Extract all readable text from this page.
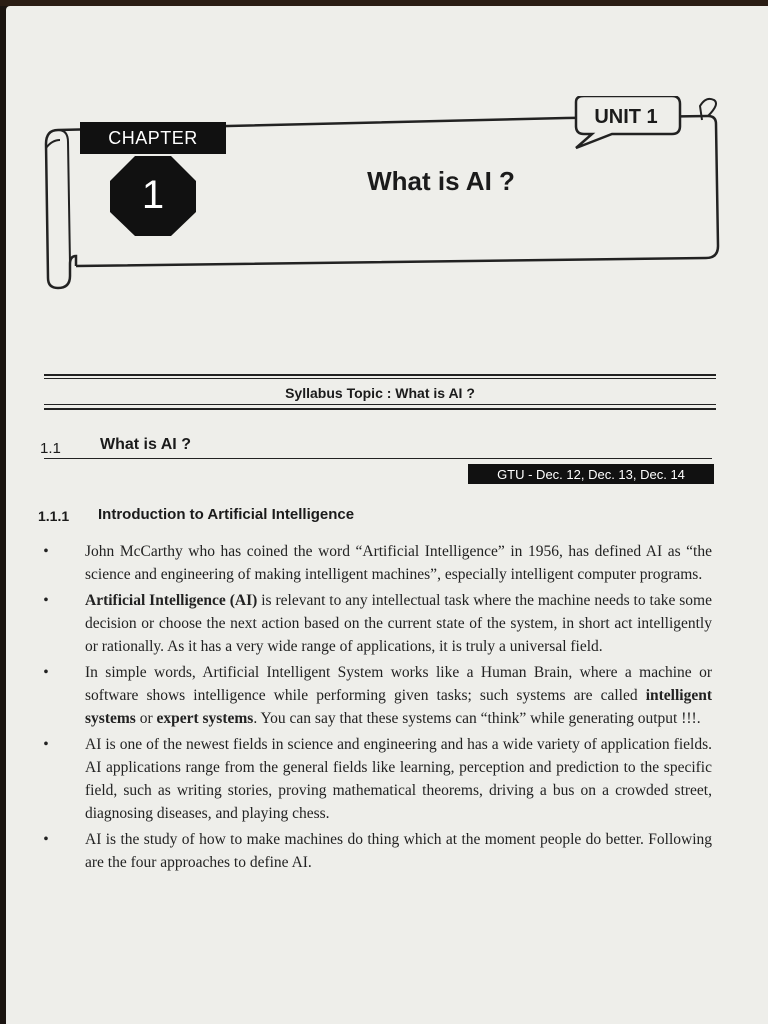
CHAPTER
1	What is AI ?
UNIT 1
Syllabus Topic : What is AI ?
1.1 What is AI ?
GTU - Dec. 12, Dec. 13, Dec. 14
1.1.1 Introduction to Artificial Intelligence
• John McCarthy who has coined the word “Artificial Intelligence” in 1956, has defined AI as “the science and engineering of making intelligent machines”, especially intelligent computer programs.

• Artificial Intelligence (AI) is relevant to any intellectual task where the machine needs to take some decision or choose the next action based on the current state of the system, in short act intelligently or rationally. As it has a very wide range of applications, it is truly a universal field.

• In simple words, Artificial Intelligent System works like a Human Brain, where a machine or software shows intelligence while performing given tasks; such systems are called intelligent systems or expert systems. You can say that these systems can “think” while generating output !!!.

• AI is one of the newest fields in science and engineering and has a wide variety of application fields. AI applications range from the general fields like learning, perception and prediction to the specific field, such as writing stories, proving mathematical theorems, driving a bus on a crowded street, diagnosing diseases, and playing chess.

• AI is the study of how to make machines do thing which at the moment people do better. Following are the four approaches to define AI.
